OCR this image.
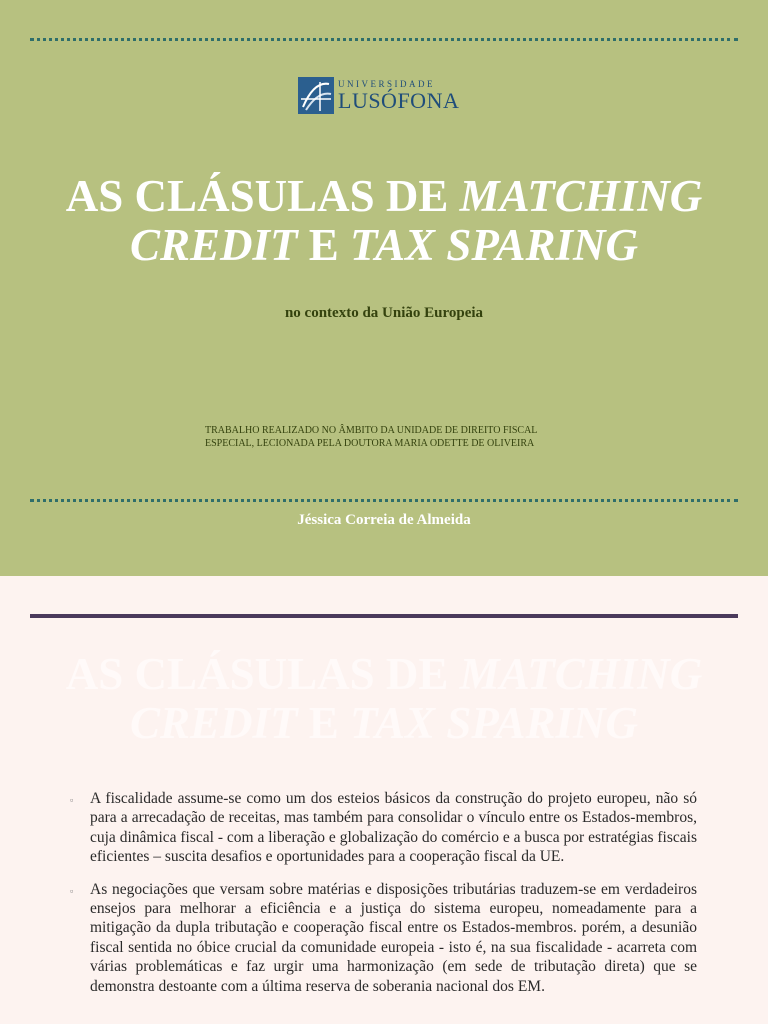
UNIVERSIDADE
LUSÓFONA
AS CLÁSULAS DE MATCHING
CREDIT E TAX SPARING
no contexto da União Europeia
TRABALHO REALIZADO NO ÂMBITO DA UNIDADE DE DIREITO FISCAL
ESPECIAL, LECIONADA PELA DOUTORA MARIA ODETTE DE OLIVEIRA
Jéssica Correia de Almeida
AS CLÁSULAS DE MATCHING
CREDIT E TAX SPARING
▫	A fiscalidade assume-se como um dos esteios básicos da construção do projeto europeu, não só para a arrecadação de receitas, mas também para consolidar o vínculo entre os Estados-membros, cuja dinâmica fiscal - com a liberação e globalização do comércio e a busca por estratégias fiscais eficientes – suscita desafios e oportunidades para a cooperação fiscal da UE.
▫	As negociações que versam sobre matérias e disposições tributárias traduzem-se em verdadeiros ensejos para melhorar a eficiência e a justiça do sistema europeu, nomeadamente para a mitigação da dupla tributação e cooperação fiscal entre os Estados-membros. porém, a desunião fiscal sentida no óbice crucial da comunidade europeia - isto é, na sua fiscalidade - acarreta com várias problemáticas e faz urgir uma harmonização (em sede de tributação direta) que se demonstra destoante com a última reserva de soberania nacional dos EM.
